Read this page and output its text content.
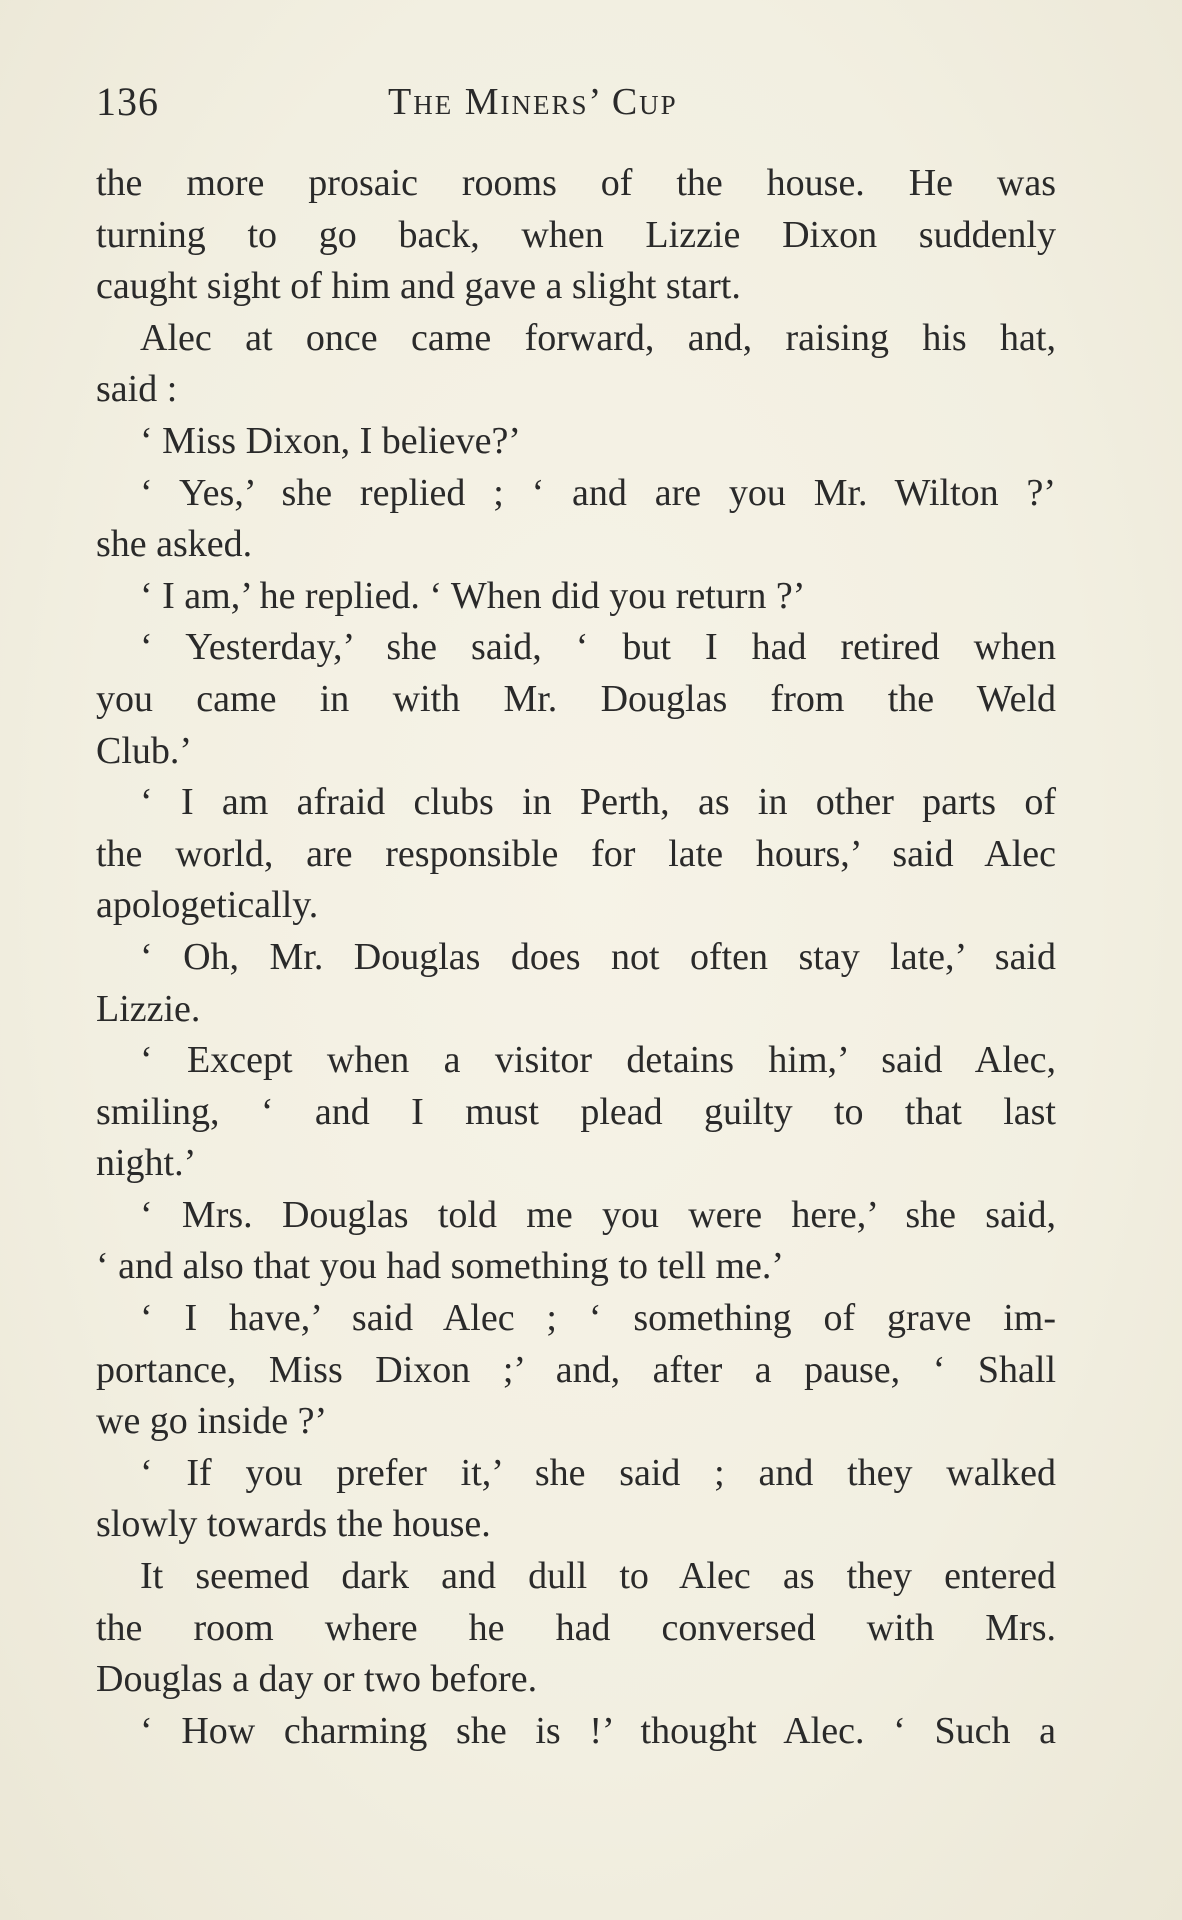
136	The Miners’ Cup
the more prosaic rooms of the house. He was
turning to go back, when Lizzie Dixon suddenly
caught sight of him and gave a slight start.
Alec at once came forward, and, raising his hat,
said :
‘ Miss Dixon, I believe?’
‘ Yes,’ she replied ; ‘ and are you Mr. Wilton ?’
she asked.
‘ I am,’ he replied. ‘ When did you return ?’
‘ Yesterday,’ she said, ‘ but I had retired when
you came in with Mr. Douglas from the Weld
Club.’
‘ I am afraid clubs in Perth, as in other parts of
the world, are responsible for late hours,’ said Alec
apologetically.
‘ Oh, Mr. Douglas does not often stay late,’ said
Lizzie.
‘ Except when a visitor detains him,’ said Alec,
smiling, ‘ and I must plead guilty to that last
night.’
‘ Mrs. Douglas told me you were here,’ she said,
‘ and also that you had something to tell me.’
‘ I have,’ said Alec ; ‘ something of grave im-
portance, Miss Dixon ;’ and, after a pause, ‘ Shall
we go inside ?’
‘ If you prefer it,’ she said ; and they walked
slowly towards the house.
It seemed dark and dull to Alec as they entered
the room where he had conversed with Mrs.
Douglas a day or two before.
‘ How charming she is !’ thought Alec. ‘ Such a
